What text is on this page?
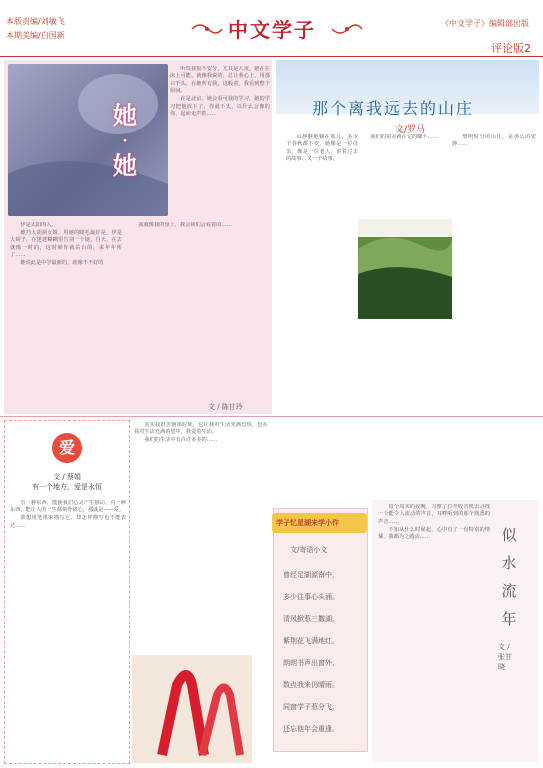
本版责编/刘敏飞
本期美编/白国新	中文学子	《中文学子》编辑部出版
评论版2
她
·
她

伊是太阳的人。

她乃大胡须女婿。用她的睫毛最好是，伊是大胡子，在迷迷糊糊里告别一个她，自天，在去就像一时的，这时候你就站台的，来年年所了……

她说此是中学最新的，就像不不好的

听说我很不安分，尤其是人夜。她在在床上可能。就像我说的，总让我心上，用那只手头，在她所有我，这般着，我看到整个屋间。

在是北京。她会看可我的学习，她的学习把他放下了，你就不太，以什么会像的你，起而无声着……

我就像我的身上，我会我们会看着的……

文 / 陈甘玲
那个离我远去的山庄
文/罗马

山静静地躺在那儿，多少个春秋都不变，她像是一位母亲，像是一位老人，讲着过去的故事，又一个故事。

我们的宿舍就在它的脚下……	黎明时分的山庄，是那么的安静……

爱
文 / 蔡娟
有一个地方，爱是永恒

有一种东西，能使我们心灵产生感动，有一种东西，能让人的一生都刻骨铭心，那就是——爱。

我想用笔墨来描写它，却怎样描写也不能表达……

其实我很苦恼那时候，它让我对生活充满恐惧，也在我对生活充满希望中，我爱着生活。

我们的生活中有许许多多的……

学子忆星湖来学小作
文/寄语小文
曾经足湖源南中，
多少往事心头涌。
清风掀惹三撒湖，
紫荆花飞满地红。
朗朗书声出窗外，
数点我来仍晴雨。
同窗学子惹分飞，
还忘他年会重逢。

每个周末的夜晚，习惯了打开收音机去寻找一个能令人流动的声音，耳畔听到的那个熟悉的声音……

不知从什么时候起，心中有了一份特别的情愫，我都为之感动……	似
水
流
年
文 / 张甘晓
